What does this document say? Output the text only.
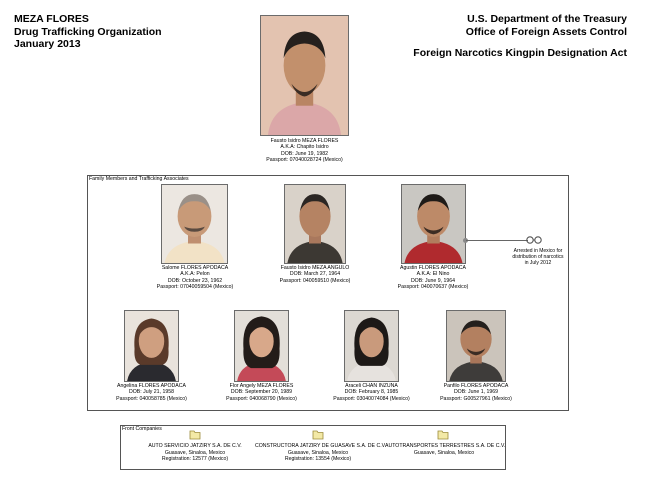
MEZA FLORES
Drug Trafficking Organization
January 2013
U.S. Department of the Treasury
Office of Foreign Assets Control
Foreign Narcotics Kingpin Designation Act
Fausto Isidro MEZA FLORES
A.K.A: Chapito Isidro
DOB: June 19, 1982
Passport: 07040028724 (Mexico)
Family Members and Trafficking Associates
Salome FLORES APODACA
A.K.A: Pelon
DOB: October 23, 1962
Passport: 07040059504 (Mexico)
Fausto Isidro MEZA ANGULO
DOB: March 27, 1964
Passport: 040059510 (Mexico)
Agustin FLORES APODACA
A.K.A: El Nino
DOB: June 9, 1964
Passport: 040070637 (Mexico)
Arrested in Mexico for distribution of narcotics in July 2012
Angelina FLORES APODACA
DOB: July 21, 1958
Passport: 040058785 (Mexico)
Flor Angely MEZA FLORES
DOB: September 20, 1989
Passport: 040068790 (Mexico)
Araceli CHAN INZUNA
DOB: February 8, 1985
Passport: 03040074084 (Mexico)
Panfilo FLORES APODACA
DOB: June 1, 1969
Passport: G00527961 (Mexico)
Front Companies
AUTO SERVICIO JATZIRY S.A. DE C.V.
Guasave, Sinaloa, Mexico
Registration: 12577 (Mexico)
CONSTRUCTORA JATZIRY DE GUASAVE S.A. DE C.V.
Guasave, Sinaloa, Mexico
Registration: 13554 (Mexico)
AUTOTRANSPORTES TERRESTRES S.A. DE C.V.
Guasave, Sinaloa, Mexico
